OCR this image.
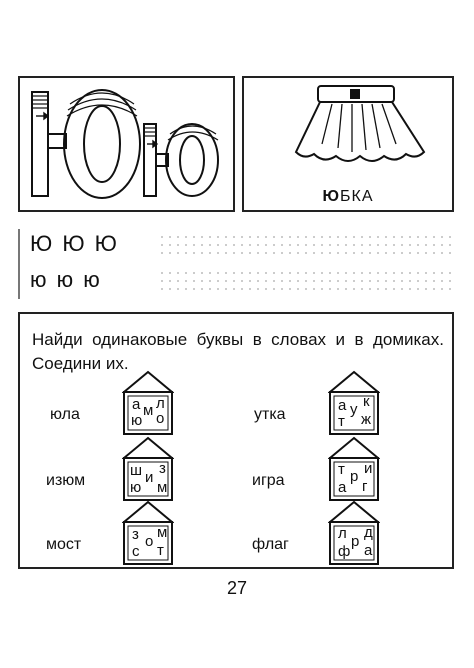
ЮБКА
Ю Ю Ю
ю ю ю
Найди одинаковые буквы в словах и в домиках. Соедини их.
юла	утка
изюм	игра
мост	флаг
а м л
ю о
а у к
т ж
ш и
з
ю м
т р и
а г
з о
м
с т
л р
д
ф а
27
